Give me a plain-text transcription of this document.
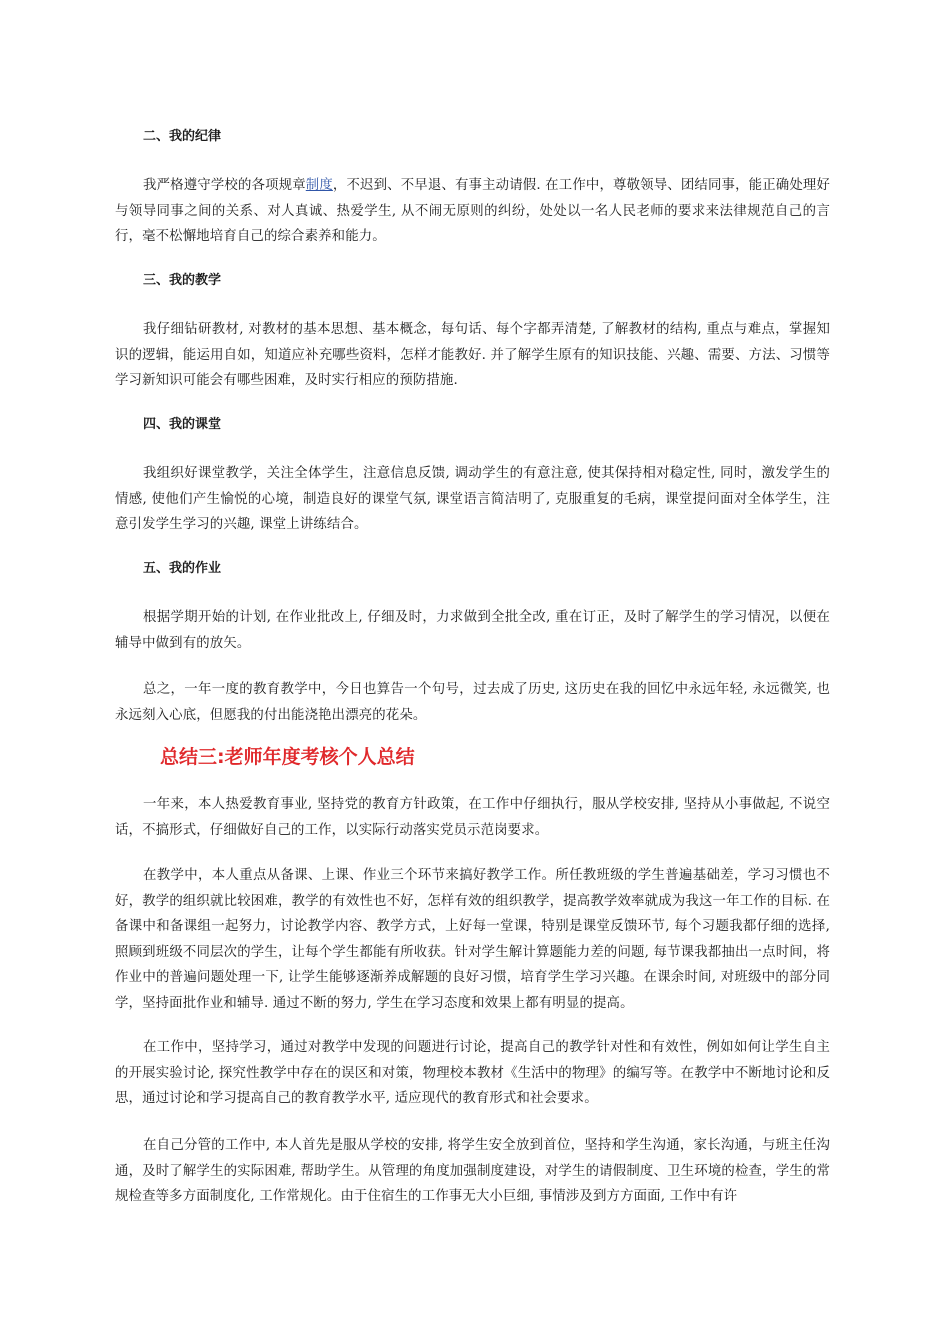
二、我的纪律
我严格遵守学校的各项规章制度，不迟到、不早退、有事主动请假. 在工作中，尊敬领导、团结同事，能正确处理好与领导同事之间的关系、对人真诚、热爱学生, 从不闹无原则的纠纷，处处以一名人民老师的要求来法律规范自己的言行，毫不松懈地培育自己的综合素养和能力。
三、我的教学
我仔细钻研教材, 对教材的基本思想、基本概念，每句话、每个字都弄清楚, 了解教材的结构, 重点与难点，掌握知识的逻辑，能运用自如，知道应补充哪些资料，怎样才能教好. 并了解学生原有的知识技能、兴趣、需要、方法、习惯等学习新知识可能会有哪些困难，及时实行相应的预防措施.
四、我的课堂
我组织好课堂教学，关注全体学生，注意信息反馈, 调动学生的有意注意, 使其保持相对稳定性, 同时，激发学生的情感, 使他们产生愉悦的心境，制造良好的课堂气氛, 课堂语言简洁明了, 克服重复的毛病，课堂提问面对全体学生，注意引发学生学习的兴趣, 课堂上讲练结合。
五、我的作业
根据学期开始的计划, 在作业批改上, 仔细及时，力求做到全批全改, 重在订正，及时了解学生的学习情况，以便在辅导中做到有的放矢。
总之，一年一度的教育教学中，今日也算告一个句号，过去成了历史, 这历史在我的回忆中永远年轻, 永远微笑, 也永远刻入心底，但愿我的付出能浇艳出漂亮的花朵。
总结三:老师年度考核个人总结
一年来，本人热爱教育事业, 坚持党的教育方针政策，在工作中仔细执行，服从学校安排, 坚持从小事做起, 不说空话，不搞形式，仔细做好自己的工作，以实际行动落实党员示范岗要求。
在教学中，本人重点从备课、上课、作业三个环节来搞好教学工作。所任教班级的学生普遍基础差，学习习惯也不好，教学的组织就比较困难，教学的有效性也不好，怎样有效的组织教学，提高教学效率就成为我这一年工作的目标. 在备课中和备课组一起努力，讨论教学内容、教学方式，上好每一堂课，特别是课堂反馈环节, 每个习题我都仔细的选择, 照顾到班级不同层次的学生，让每个学生都能有所收获。针对学生解计算题能力差的问题, 每节课我都抽出一点时间，将作业中的普遍问题处理一下, 让学生能够逐渐养成解题的良好习惯，培育学生学习兴趣。在课余时间, 对班级中的部分同学，坚持面批作业和辅导. 通过不断的努力, 学生在学习态度和效果上都有明显的提高。
在工作中，坚持学习，通过对教学中发现的问题进行讨论，提高自己的教学针对性和有效性，例如如何让学生自主的开展实验讨论, 探究性教学中存在的误区和对策，物理校本教材《生活中的物理》的编写等。在教学中不断地讨论和反思，通过讨论和学习提高自己的教育教学水平, 适应现代的教育形式和社会要求。
在自己分管的工作中, 本人首先是服从学校的安排, 将学生安全放到首位，坚持和学生沟通，家长沟通，与班主任沟通，及时了解学生的实际困难, 帮助学生。从管理的角度加强制度建设，对学生的请假制度、卫生环境的检查，学生的常规检查等多方面制度化, 工作常规化。由于住宿生的工作事无大小巨细, 事情涉及到方方面面, 工作中有许
